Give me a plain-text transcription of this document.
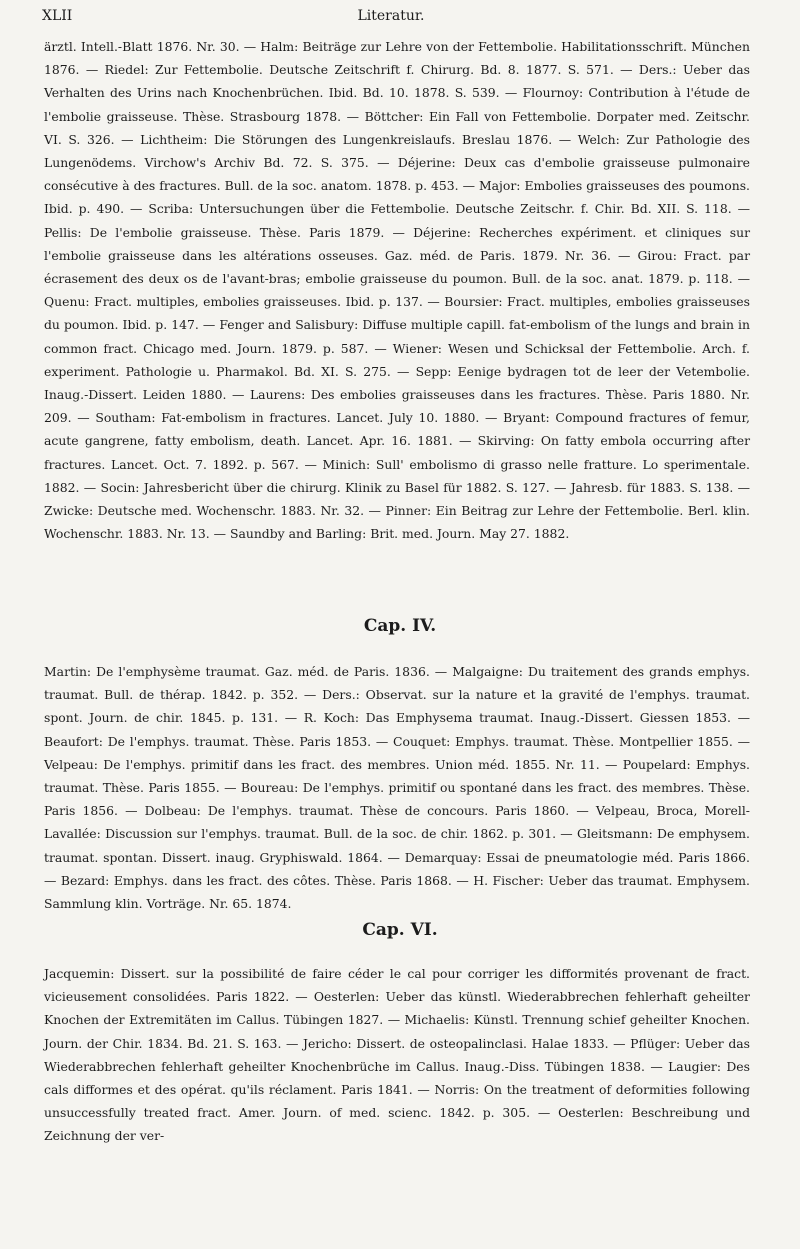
XLII	Literatur.

ärztl. Intell.-Blatt 1876. Nr. 30. — Halm: Beiträge zur Lehre von der Fettembolie. Habilitationsschrift. München 1876. — Riedel: Zur Fettembolie. Deutsche Zeitschrift f. Chirurg. Bd. 8. 1877. S. 571. — Ders.: Ueber das Verhalten des Urins nach Knochenbrüchen. Ibid. Bd. 10. 1878. S. 539. — Flournoy: Contribution à l'étude de l'embolie graisseuse. Thèse. Strasbourg 1878. — Böttcher: Ein Fall von Fettembolie. Dorpater med. Zeitschr. VI. S. 326. — Lichtheim: Die Störungen des Lungenkreislaufs. Breslau 1876. — Welch: Zur Pathologie des Lungenödems. Virchow's Archiv Bd. 72. S. 375. — Déjerine: Deux cas d'embolie graisseuse pulmonaire consécutive à des fractures. Bull. de la soc. anatom. 1878. p. 453. — Major: Embolies graisseuses des poumons. Ibid. p. 490. — Scriba: Untersuchungen über die Fettembolie. Deutsche Zeitschr. f. Chir. Bd. XII. S. 118. — Pellis: De l'embolie graisseuse. Thèse. Paris 1879. — Déjerine: Recherches expériment. et cliniques sur l'embolie graisseuse dans les altérations osseuses. Gaz. méd. de Paris. 1879. Nr. 36. — Girou: Fract. par écrasement des deux os de l'avant-bras; embolie graisseuse du poumon. Bull. de la soc. anat. 1879. p. 118. — Quenu: Fract. multiples, embolies graisseuses. Ibid. p. 137. — Boursier: Fract. multiples, embolies graisseuses du poumon. Ibid. p. 147. — Fenger and Salisbury: Diffuse multiple capill. fat-embolism of the lungs and brain in common fract. Chicago med. Journ. 1879. p. 587. — Wiener: Wesen und Schicksal der Fettembolie. Arch. f. experiment. Pathologie u. Pharmakol. Bd. XI. S. 275. — Sepp: Eenige bydragen tot de leer der Vetembolie. Inaug.-Dissert. Leiden 1880. — Laurens: Des embolies graisseuses dans les fractures. Thèse. Paris 1880. Nr. 209. — Southam: Fat-embolism in fractures. Lancet. July 10. 1880. — Bryant: Compound fractures of femur, acute gangrene, fatty embolism, death. Lancet. Apr. 16. 1881. — Skirving: On fatty embola occurring after fractures. Lancet. Oct. 7. 1892. p. 567. — Minich: Sull' embolismo di grasso nelle fratture. Lo sperimentale. 1882. — Socin: Jahresbericht über die chirurg. Klinik zu Basel für 1882. S. 127. — Jahresb. für 1883. S. 138. — Zwicke: Deutsche med. Wochenschr. 1883. Nr. 32. — Pinner: Ein Beitrag zur Lehre der Fettembolie. Berl. klin. Wochenschr. 1883. Nr. 13. — Saundby and Barling: Brit. med. Journ. May 27. 1882.

Cap. IV.

Martin: De l'emphysème traumat. Gaz. méd. de Paris. 1836. — Malgaigne: Du traitement des grands emphys. traumat. Bull. de thérap. 1842. p. 352. — Ders.: Observat. sur la nature et la gravité de l'emphys. traumat. spont. Journ. de chir. 1845. p. 131. — R. Koch: Das Emphysema traumat. Inaug.-Dissert. Giessen 1853. — Beaufort: De l'emphys. traumat. Thèse. Paris 1853. — Couquet: Emphys. traumat. Thèse. Montpellier 1855. — Velpeau: De l'emphys. primitif dans les fract. des membres. Union méd. 1855. Nr. 11. — Poupelard: Emphys. traumat. Thèse. Paris 1855. — Boureau: De l'emphys. primitif ou spontané dans les fract. des membres. Thèse. Paris 1856. — Dolbeau: De l'emphys. traumat. Thèse de concours. Paris 1860. — Velpeau, Broca, Morell-Lavallée: Discussion sur l'emphys. traumat. Bull. de la soc. de chir. 1862. p. 301. — Gleitsmann: De emphysem. traumat. spontan. Dissert. inaug. Gryphiswald. 1864. — Demarquay: Essai de pneumatologie méd. Paris 1866. — Bezard: Emphys. dans les fract. des côtes. Thèse. Paris 1868. — H. Fischer: Ueber das traumat. Emphysem. Sammlung klin. Vorträge. Nr. 65. 1874.

Cap. VI.

Jacquemin: Dissert. sur la possibilité de faire céder le cal pour corriger les difformités provenant de fract. vicieusement consolidées. Paris 1822. — Oesterlen: Ueber das künstl. Wiederabbrechen fehlerhaft geheilter Knochen der Extremitäten im Callus. Tübingen 1827. — Michaelis: Künstl. Trennung schief geheilter Knochen. Journ. der Chir. 1834. Bd. 21. S. 163. — Jericho: Dissert. de osteopalinclasi. Halae 1833. — Pflüger: Ueber das Wiederabbrechen fehlerhaft geheilter Knochenbrüche im Callus. Inaug.-Diss. Tübingen 1838. — Laugier: Des cals difformes et des opérat. qu'ils réclament. Paris 1841. — Norris: On the treatment of deformities following unsuccessfully treated fract. Amer. Journ. of med. scienc. 1842. p. 305. — Oesterlen: Beschreibung und Zeichnung der ver-
